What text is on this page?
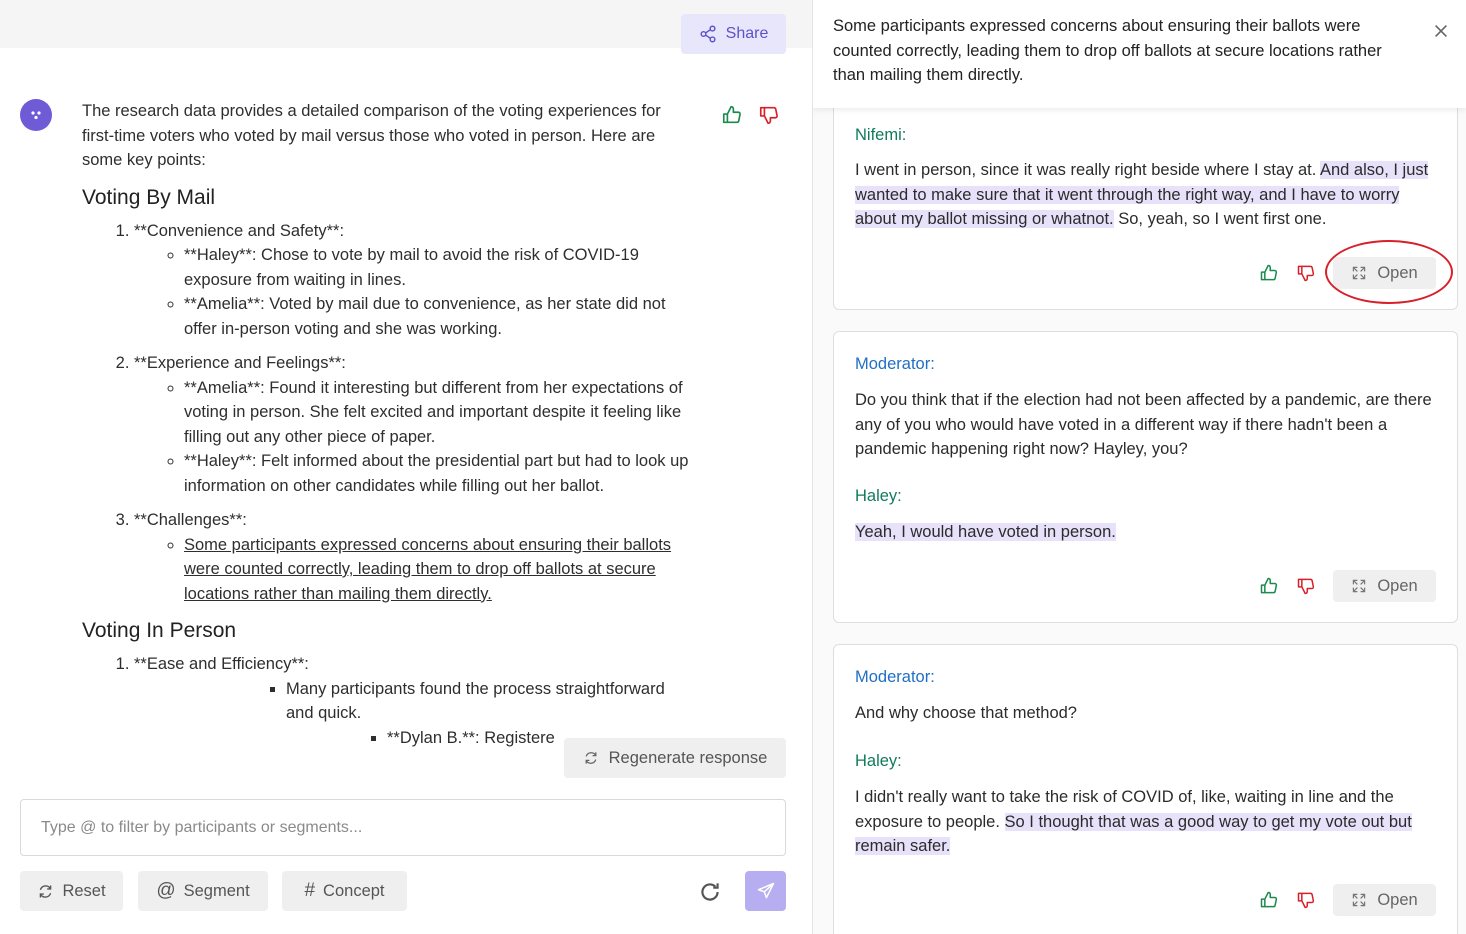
Share

The research data provides a detailed comparison of the voting experiences for first-time voters who voted by mail versus those who voted in person. Here are some key points:

Voting By Mail
1. **Convenience and Safety**:
◦ **Haley**: Chose to vote by mail to avoid the risk of COVID-19 exposure from waiting in lines.
◦ **Amelia**: Voted by mail due to convenience, as her state did not offer in-person voting and she was working.
2. **Experience and Feelings**:
◦ **Amelia**: Found it interesting but different from her expectations of voting in person. She felt excited and important despite it feeling like filling out any other piece of paper.
◦ **Haley**: Felt informed about the presidential part but had to look up information on other candidates while filling out her ballot.
3. **Challenges**:
◦ Some participants expressed concerns about ensuring their ballots were counted correctly, leading them to drop off ballots at secure locations rather than mailing them directly.
Voting In Person
1. **Ease and Efficiency**:
▪ Many participants found the process straightforward and quick.
▪ **Dylan B.**: Registere
Regenerate response
Type @ to filter by participants or segments...
Reset	@ Segment	# Concept
Some participants expressed concerns about ensuring their ballots were counted correctly, leading them to drop off ballots at secure locations rather than mailing them directly.
Nifemi:
I went in person, since it was really right beside where I stay at. And also, I just wanted to make sure that it went through the right way, and I have to worry about my ballot missing or whatnot. So, yeah, so I went first one.
Open
Moderator:
Do you think that if the election had not been affected by a pandemic, are there any of you who would have voted in a different way if there hadn't been a pandemic happening right now? Hayley, you?
Haley:
Yeah, I would have voted in person.
Open
Moderator:
And why choose that method?
Haley:
I didn't really want to take the risk of COVID of, like, waiting in line and the exposure to people. So I thought that was a good way to get my vote out but remain safer.
Open
